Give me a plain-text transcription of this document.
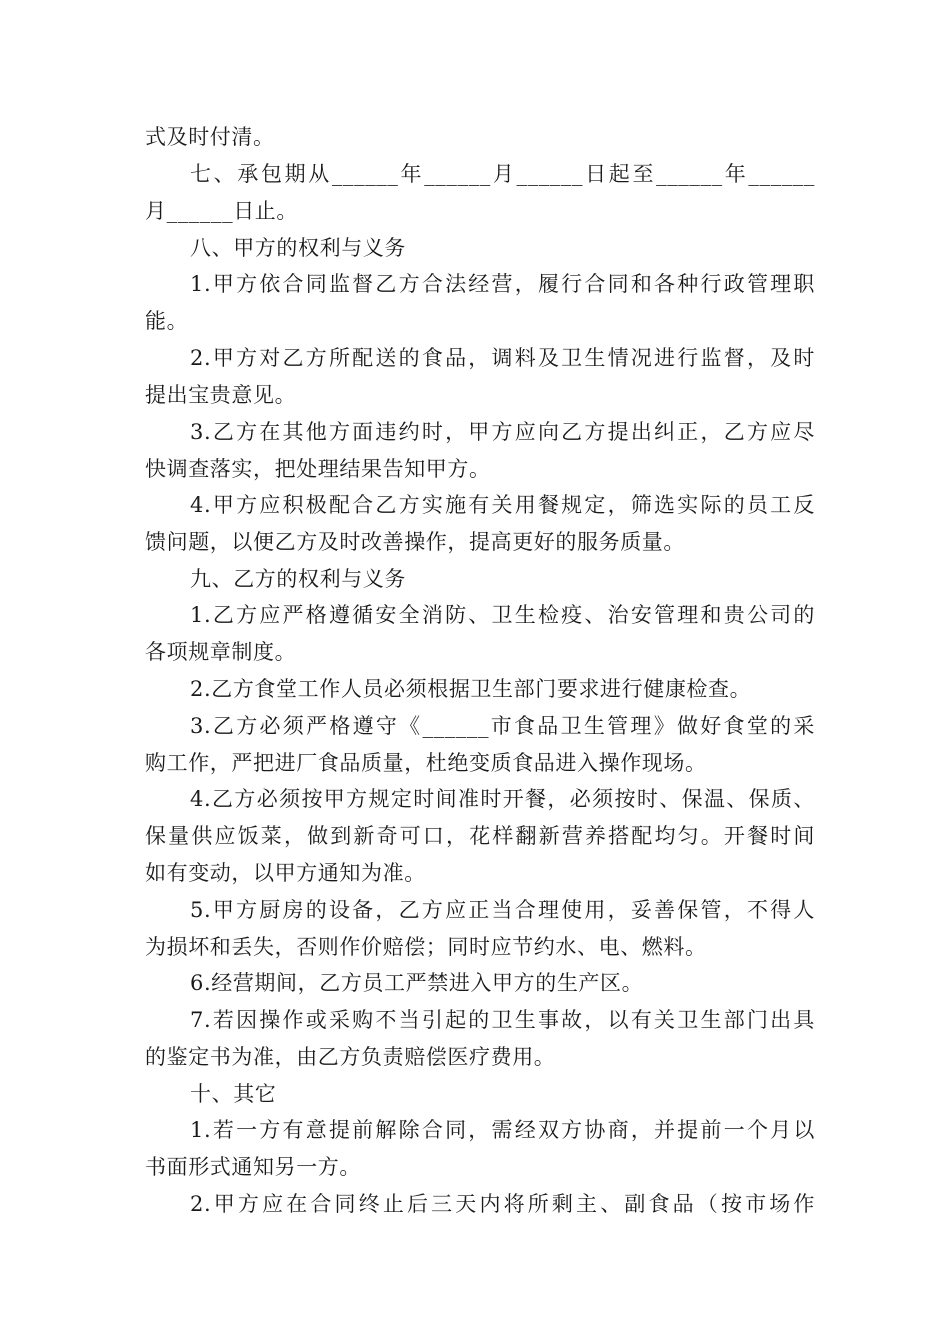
式及时付清。
七、承包期从______年______月______日起至______年______
月______日止。
八、甲方的权利与义务
1.甲方依合同监督乙方合法经营，履行合同和各种行政管理职
能。
2.甲方对乙方所配送的食品，调料及卫生情况进行监督，及时
提出宝贵意见。
3.乙方在其他方面违约时，甲方应向乙方提出纠正，乙方应尽
快调查落实，把处理结果告知甲方。
4.甲方应积极配合乙方实施有关用餐规定，筛选实际的员工反
馈问题，以便乙方及时改善操作，提高更好的服务质量。
九、乙方的权利与义务
1.乙方应严格遵循安全消防、卫生检疫、治安管理和贵公司的
各项规章制度。
2.乙方食堂工作人员必须根据卫生部门要求进行健康检查。
3.乙方必须严格遵守《______市食品卫生管理》做好食堂的采
购工作，严把进厂食品质量，杜绝变质食品进入操作现场。
4.乙方必须按甲方规定时间准时开餐，必须按时、保温、保质、
保量供应饭菜，做到新奇可口，花样翻新营养搭配均匀。开餐时间
如有变动，以甲方通知为准。
5.甲方厨房的设备，乙方应正当合理使用，妥善保管，不得人
为损坏和丢失，否则作价赔偿；同时应节约水、电、燃料。
6.经营期间，乙方员工严禁进入甲方的生产区。
7.若因操作或采购不当引起的卫生事故，以有关卫生部门出具
的鉴定书为准，由乙方负责赔偿医疗费用。
十、其它
1.若一方有意提前解除合同，需经双方协商，并提前一个月以
书面形式通知另一方。
2.甲方应在合同终止后三天内将所剩主、副食品（按市场作
